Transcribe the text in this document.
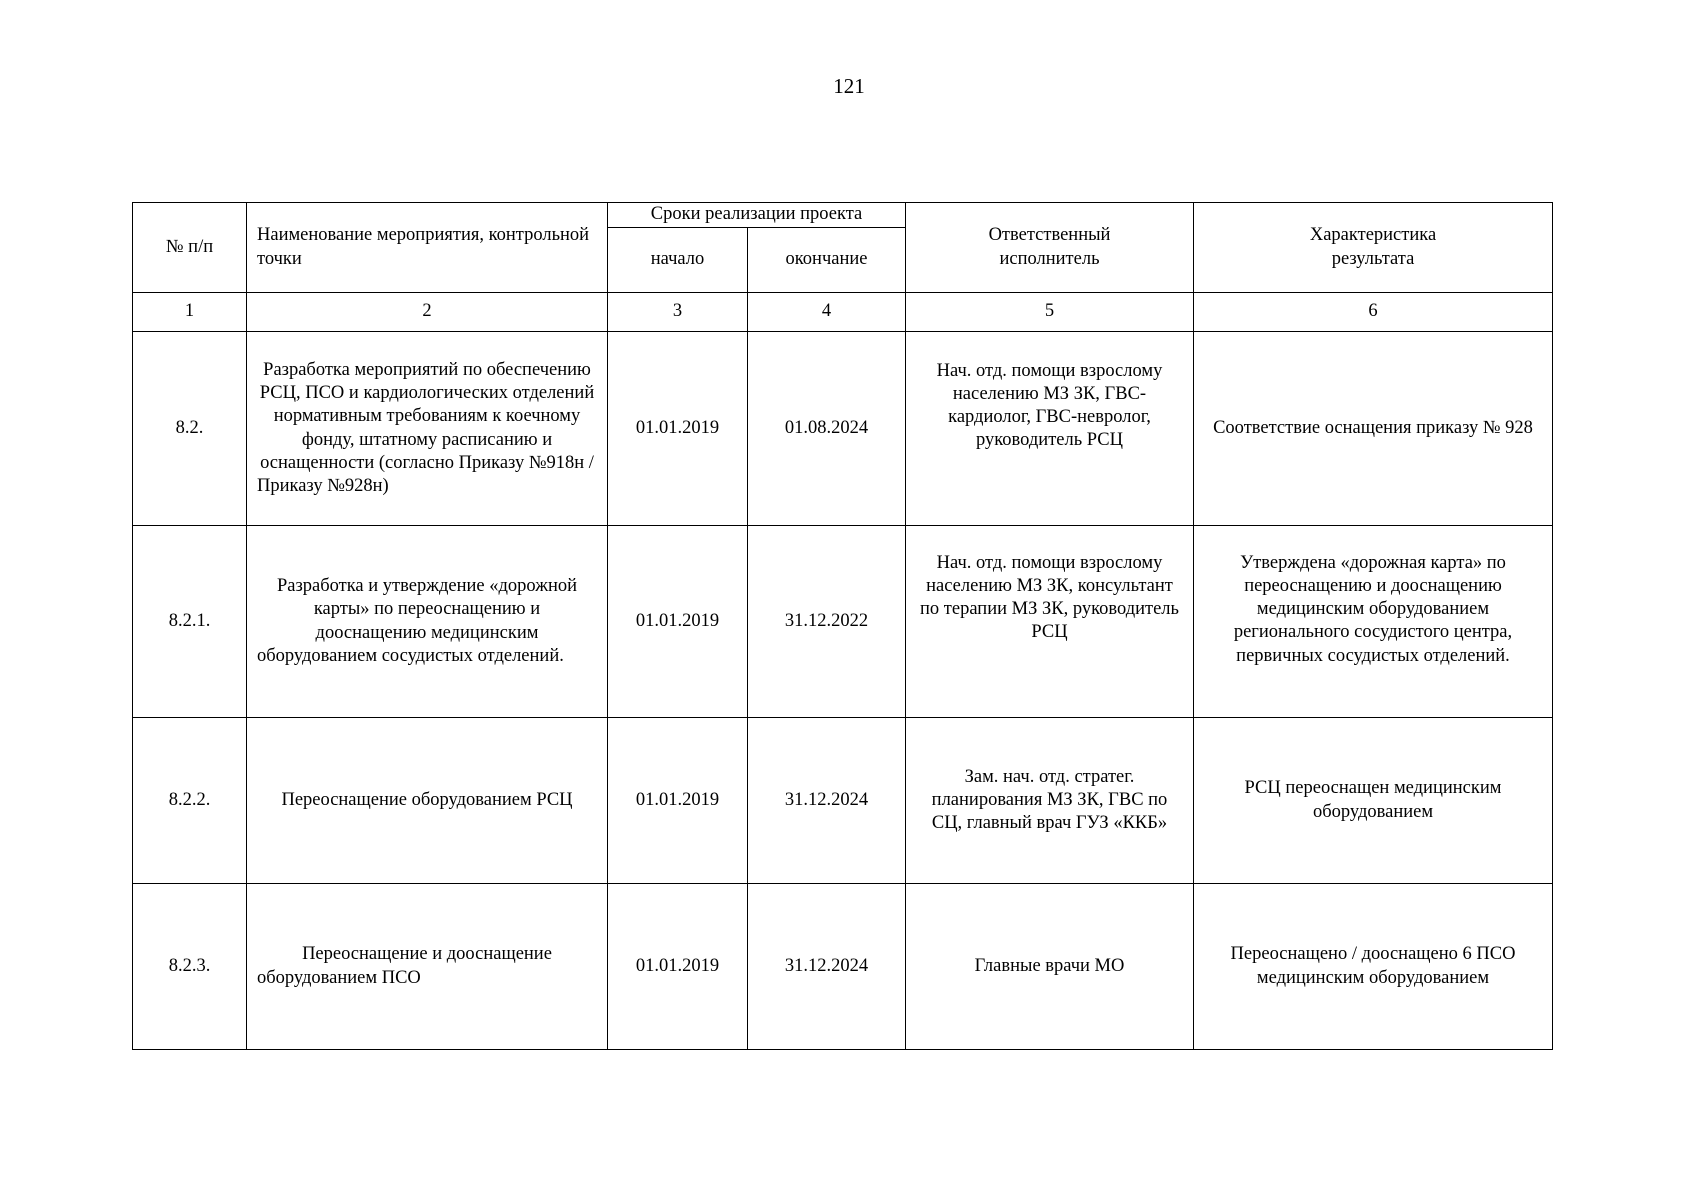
121
№ п/п	Наименование мероприятия, контрольной точки	Сроки реализации проекта		Ответственный исполнитель	Характеристика результата
		начало	окончание		
1	2	3	4	5	6
8.2.	Разработка мероприятий по обеспечению РСЦ, ПСО и кардиологических отделений нормативным требованиям к коечному фонду, штатному расписанию и оснащенности (согласно Приказу №918н / Приказу №928н)	01.01.2019	01.08.2024	Нач. отд. помощи взрослому населению МЗ ЗК, ГВС-кардиолог, ГВС-невролог, руководитель РСЦ	Соответствие оснащения приказу № 928
8.2.1.	Разработка и утверждение «дорожной карты» по переоснащению и дооснащению медицинским оборудованием сосудистых отделений.	01.01.2019	31.12.2022	Нач. отд. помощи взрослому населению МЗ ЗК, консультант по терапии МЗ ЗК, руководитель РСЦ	Утверждена «дорожная карта» по переоснащению и дооснащению медицинским оборудованием регионального сосудистого центра, первичных сосудистых отделений.
8.2.2.	Переоснащение оборудованием РСЦ	01.01.2019	31.12.2024	Зам. нач. отд. стратег. планирования МЗ ЗК, ГВС по СЦ, главный врач ГУЗ «ККБ»	РСЦ переоснащен медицинским оборудованием
8.2.3.	Переоснащение и дооснащение оборудованием ПСО	01.01.2019	31.12.2024	Главные врачи МО	Переоснащено / дооснащено 6 ПСО медицинским оборудованием
